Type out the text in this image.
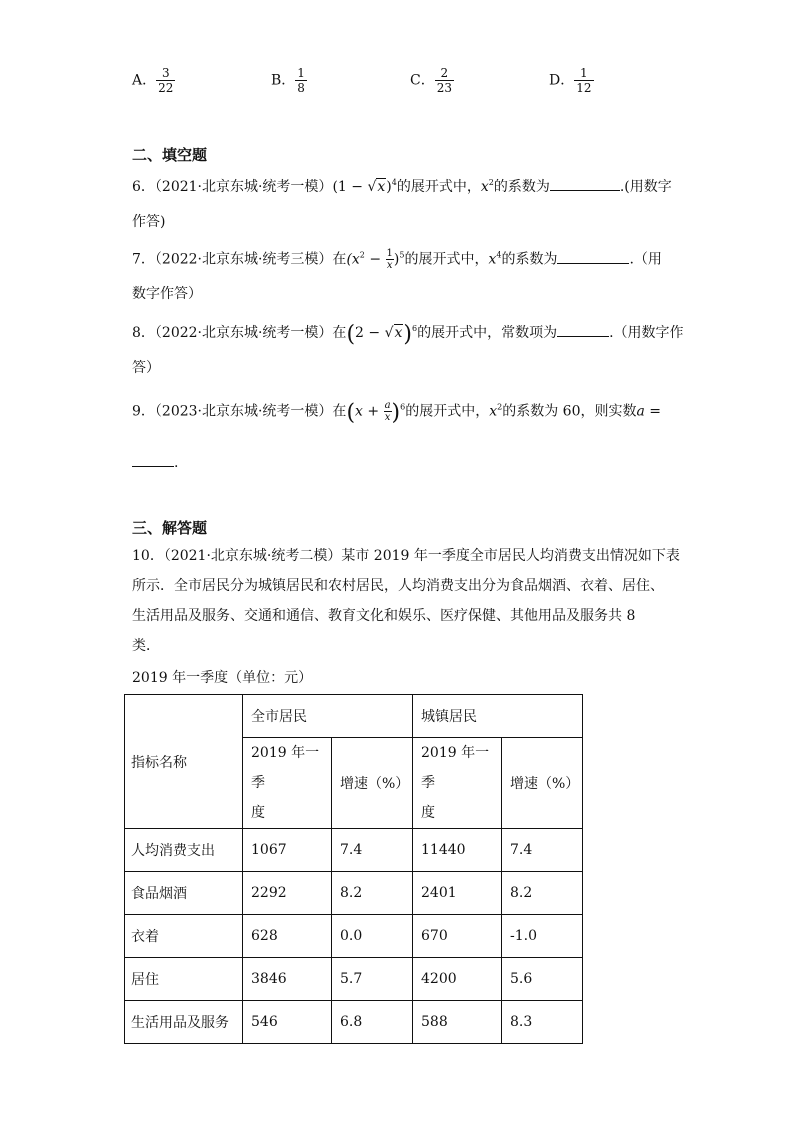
A． $\frac{3}{22}$	B． $\frac{1}{8}$	C． $\frac{2}{23}$	D． $\frac{1}{12}$
二、填空题
6．（2021·北京东城·统考一模）$(1 - √x)^4$的展开式中，$x^2$的系数为	.(用数字
作答)
7．（2022·北京东城·统考三模）在$(x^2 - \frac{1}{x} )^5$的展开式中，$x^4$的系数为	.（用
数字作答）
8．（2022·北京东城·统考一模）在$(2 - √x)^6$的展开式中，常数项为	.（用数字作
答）
9．（2023·北京东城·统考一模）在$(x + \frac{a}{x} )^6$的展开式中，$x^2$的系数为 60，则实数a =
.
三、解答题
10．（2021·北京东城·统考二模）某市 2019 年一季度全市居民人均消费支出情况如下表
所示．全市居民分为城镇居民和农村居民，人均消费支出分为食品烟酒、衣着、居住、
生活用品及服务、交通和通信、教育文化和娱乐、医疗保健、其他用品及服务共 8
类．
2019 年一季度（单位：元）
指标名称	全市居民		城镇居民	
	2019 年一季
度	增速（%）	2019 年一季
度	增速（%）
人均消费支出	1067	7.4	11440	7.4
食品烟酒	2292	8.2	2401	8.2
衣着	628	0.0	670	-1.0
居住	3846	5.7	4200	5.6
生活用品及服务	546	6.8	588	8.3
